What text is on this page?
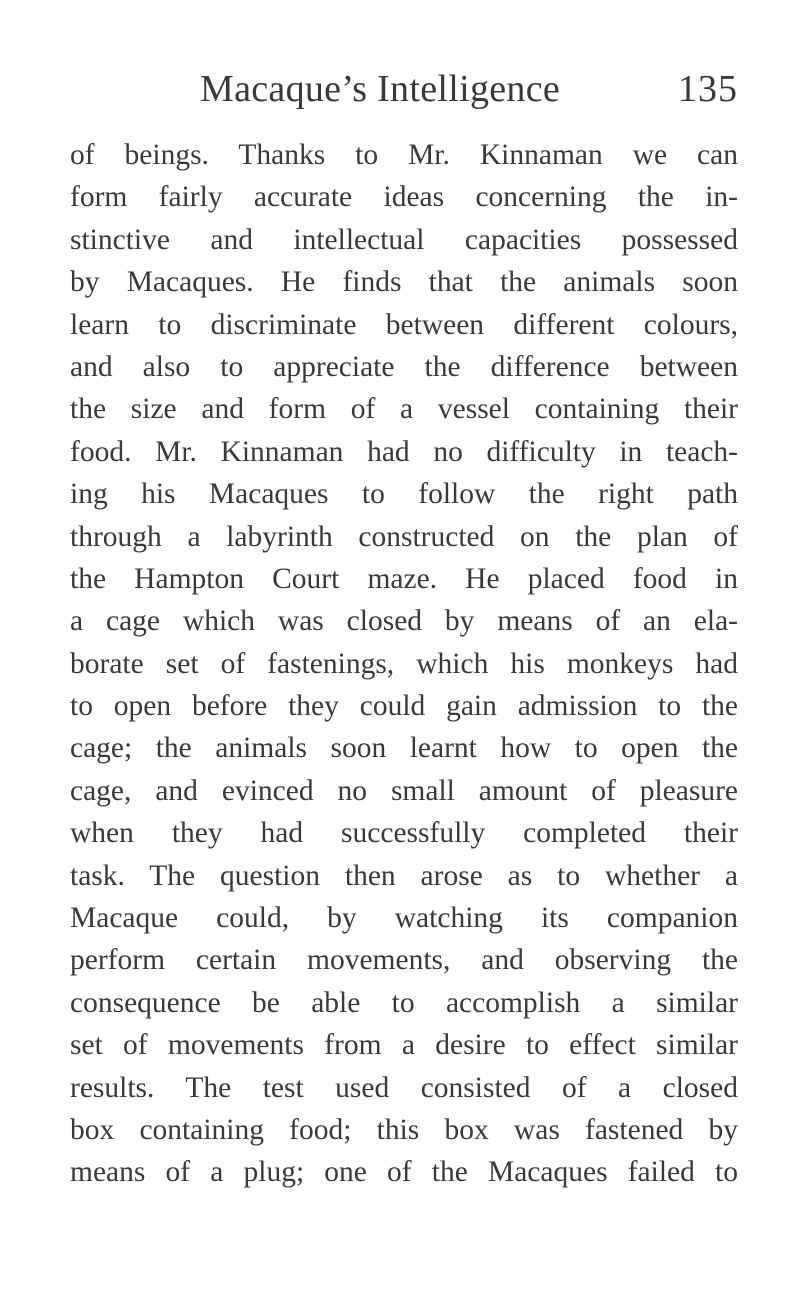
Macaque’s Intelligence	135
of beings. Thanks to Mr. Kinnaman we can
form fairly accurate ideas concerning the in-
stinctive and intellectual capacities possessed
by Macaques. He finds that the animals soon
learn to discriminate between different colours,
and also to appreciate the difference between
the size and form of a vessel containing their
food. Mr. Kinnaman had no difficulty in teach-
ing his Macaques to follow the right path
through a labyrinth constructed on the plan of
the Hampton Court maze. He placed food in
a cage which was closed by means of an ela-
borate set of fastenings, which his monkeys had
to open before they could gain admission to the
cage; the animals soon learnt how to open the
cage, and evinced no small amount of pleasure
when they had successfully completed their
task. The question then arose as to whether a
Macaque could, by watching its companion
perform certain movements, and observing the
consequence be able to accomplish a similar
set of movements from a desire to effect similar
results. The test used consisted of a closed
box containing food; this box was fastened by
means of a plug; one of the Macaques failed to
